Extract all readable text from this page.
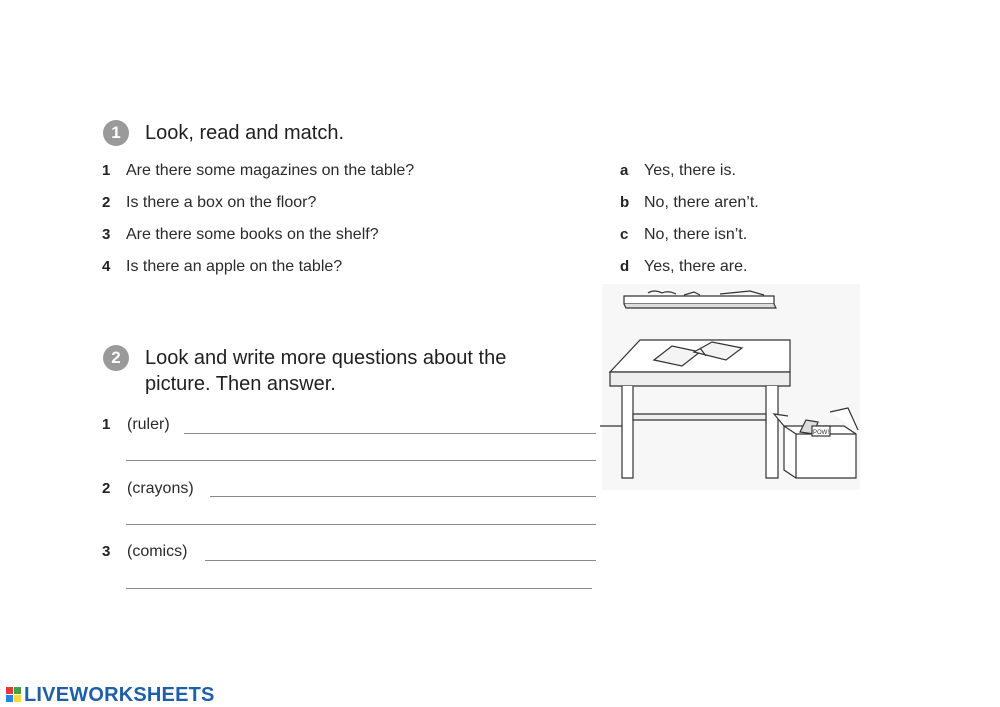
1	Look, read and match.
1 Are there some magazines on the table?
2 Is there a box on the floor?
3 Are there some books on the shelf?
4 Is there an apple on the table?
a Yes, there is.
b No, there aren’t.
c No, there isn’t.
d Yes, there are.
2	Look and write more questions about the
picture. Then answer.
1	(ruler)
2	(crayons)
3	(comics)
POW!
LIVEWORKSHEETS
